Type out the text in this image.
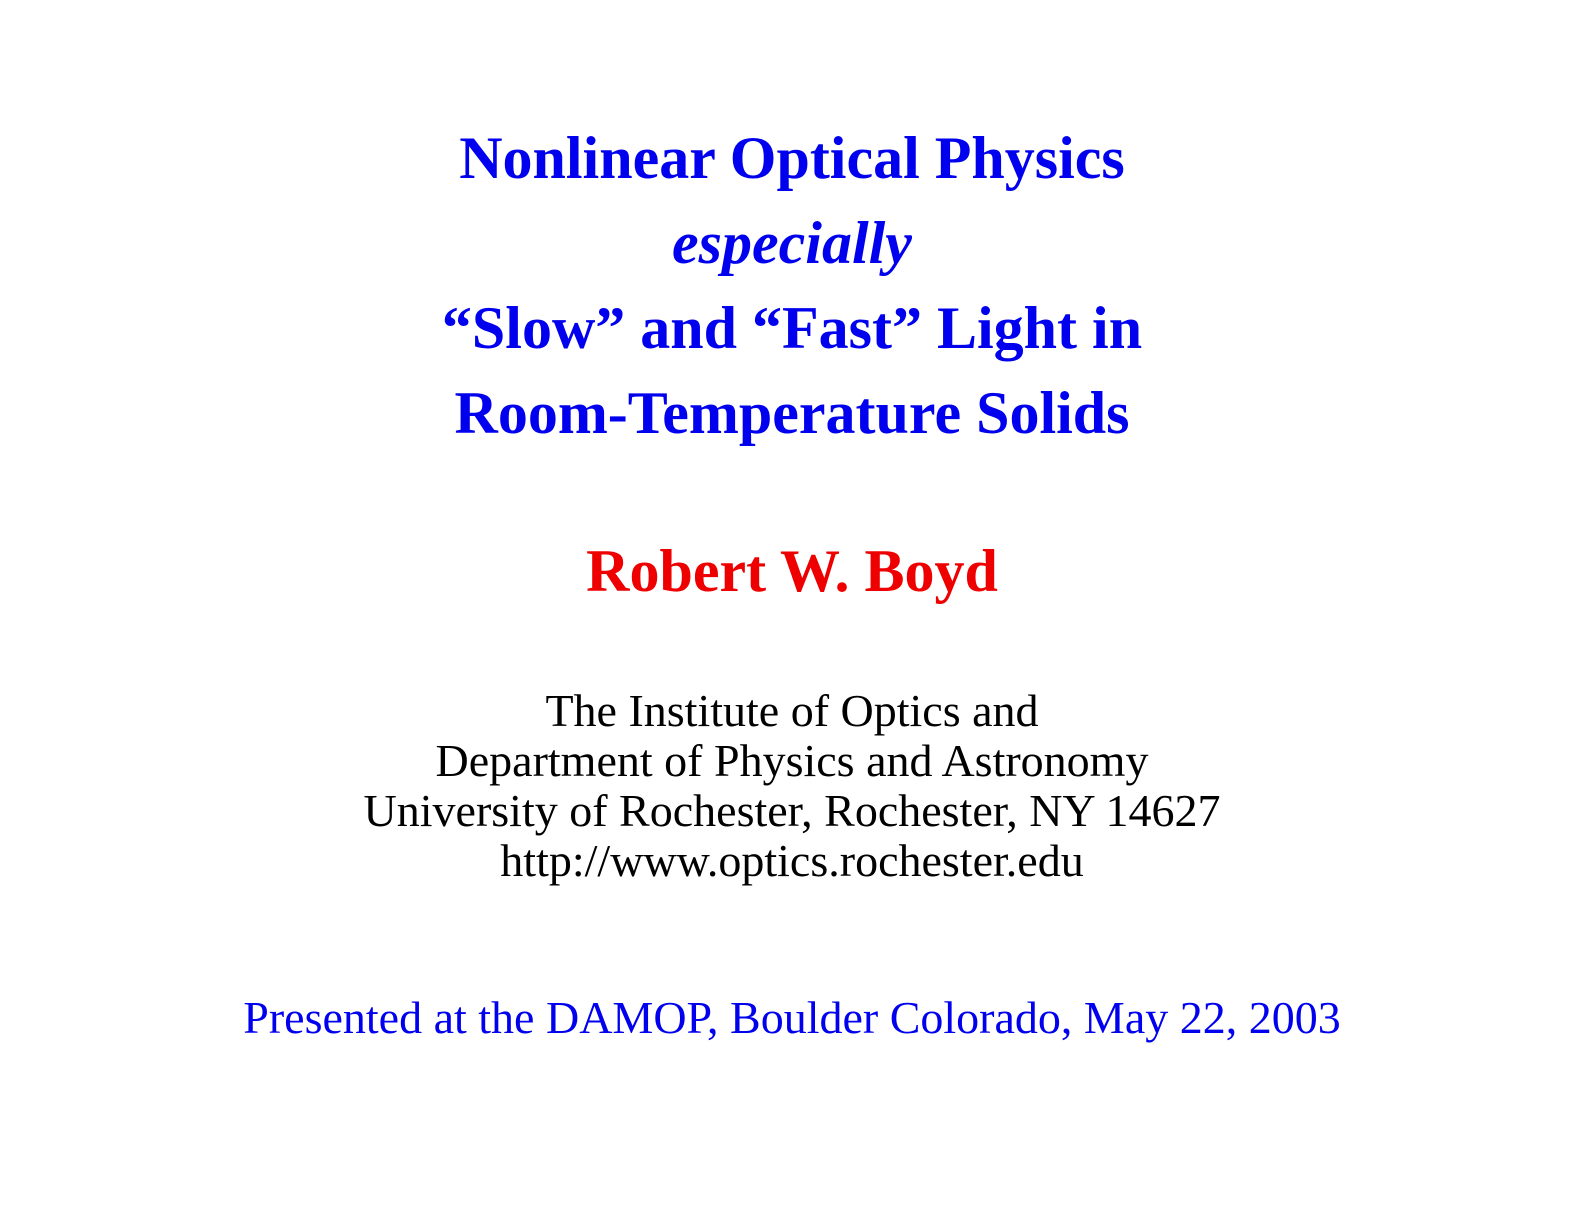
Nonlinear Optical Physics
especially
“Slow” and “Fast” Light in
Room-Temperature Solids
Robert W. Boyd
The Institute of Optics and
Department of Physics and Astronomy
University of Rochester, Rochester, NY 14627
http://www.optics.rochester.edu
Presented at the DAMOP, Boulder Colorado, May 22, 2003
